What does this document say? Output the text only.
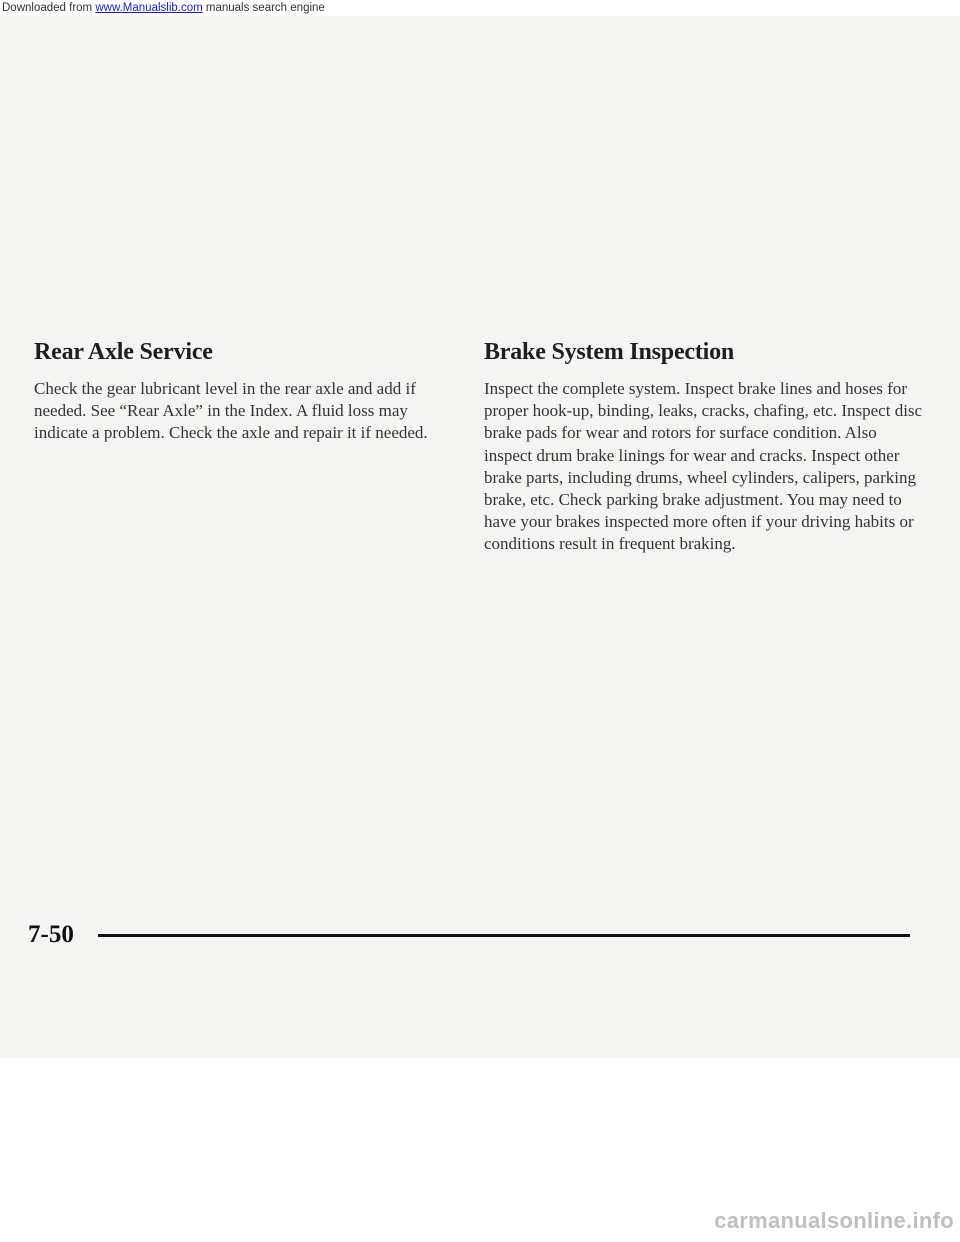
Downloaded from www.Manualslib.com manuals search engine
Rear Axle Service

Check the gear lubricant level in the rear axle and add if needed. See “Rear Axle” in the Index. A fluid loss may indicate a problem. Check the axle and repair it if needed.

Brake System Inspection

Inspect the complete system. Inspect brake lines and hoses for proper hook-up, binding, leaks, cracks, chafing, etc. Inspect disc brake pads for wear and rotors for surface condition. Also inspect drum brake linings for wear and cracks. Inspect other brake parts, including drums, wheel cylinders, calipers, parking brake, etc. Check parking brake adjustment. You may need to have your brakes inspected more often if your driving habits or conditions result in frequent braking.

7-50
carmanualsonline.info
